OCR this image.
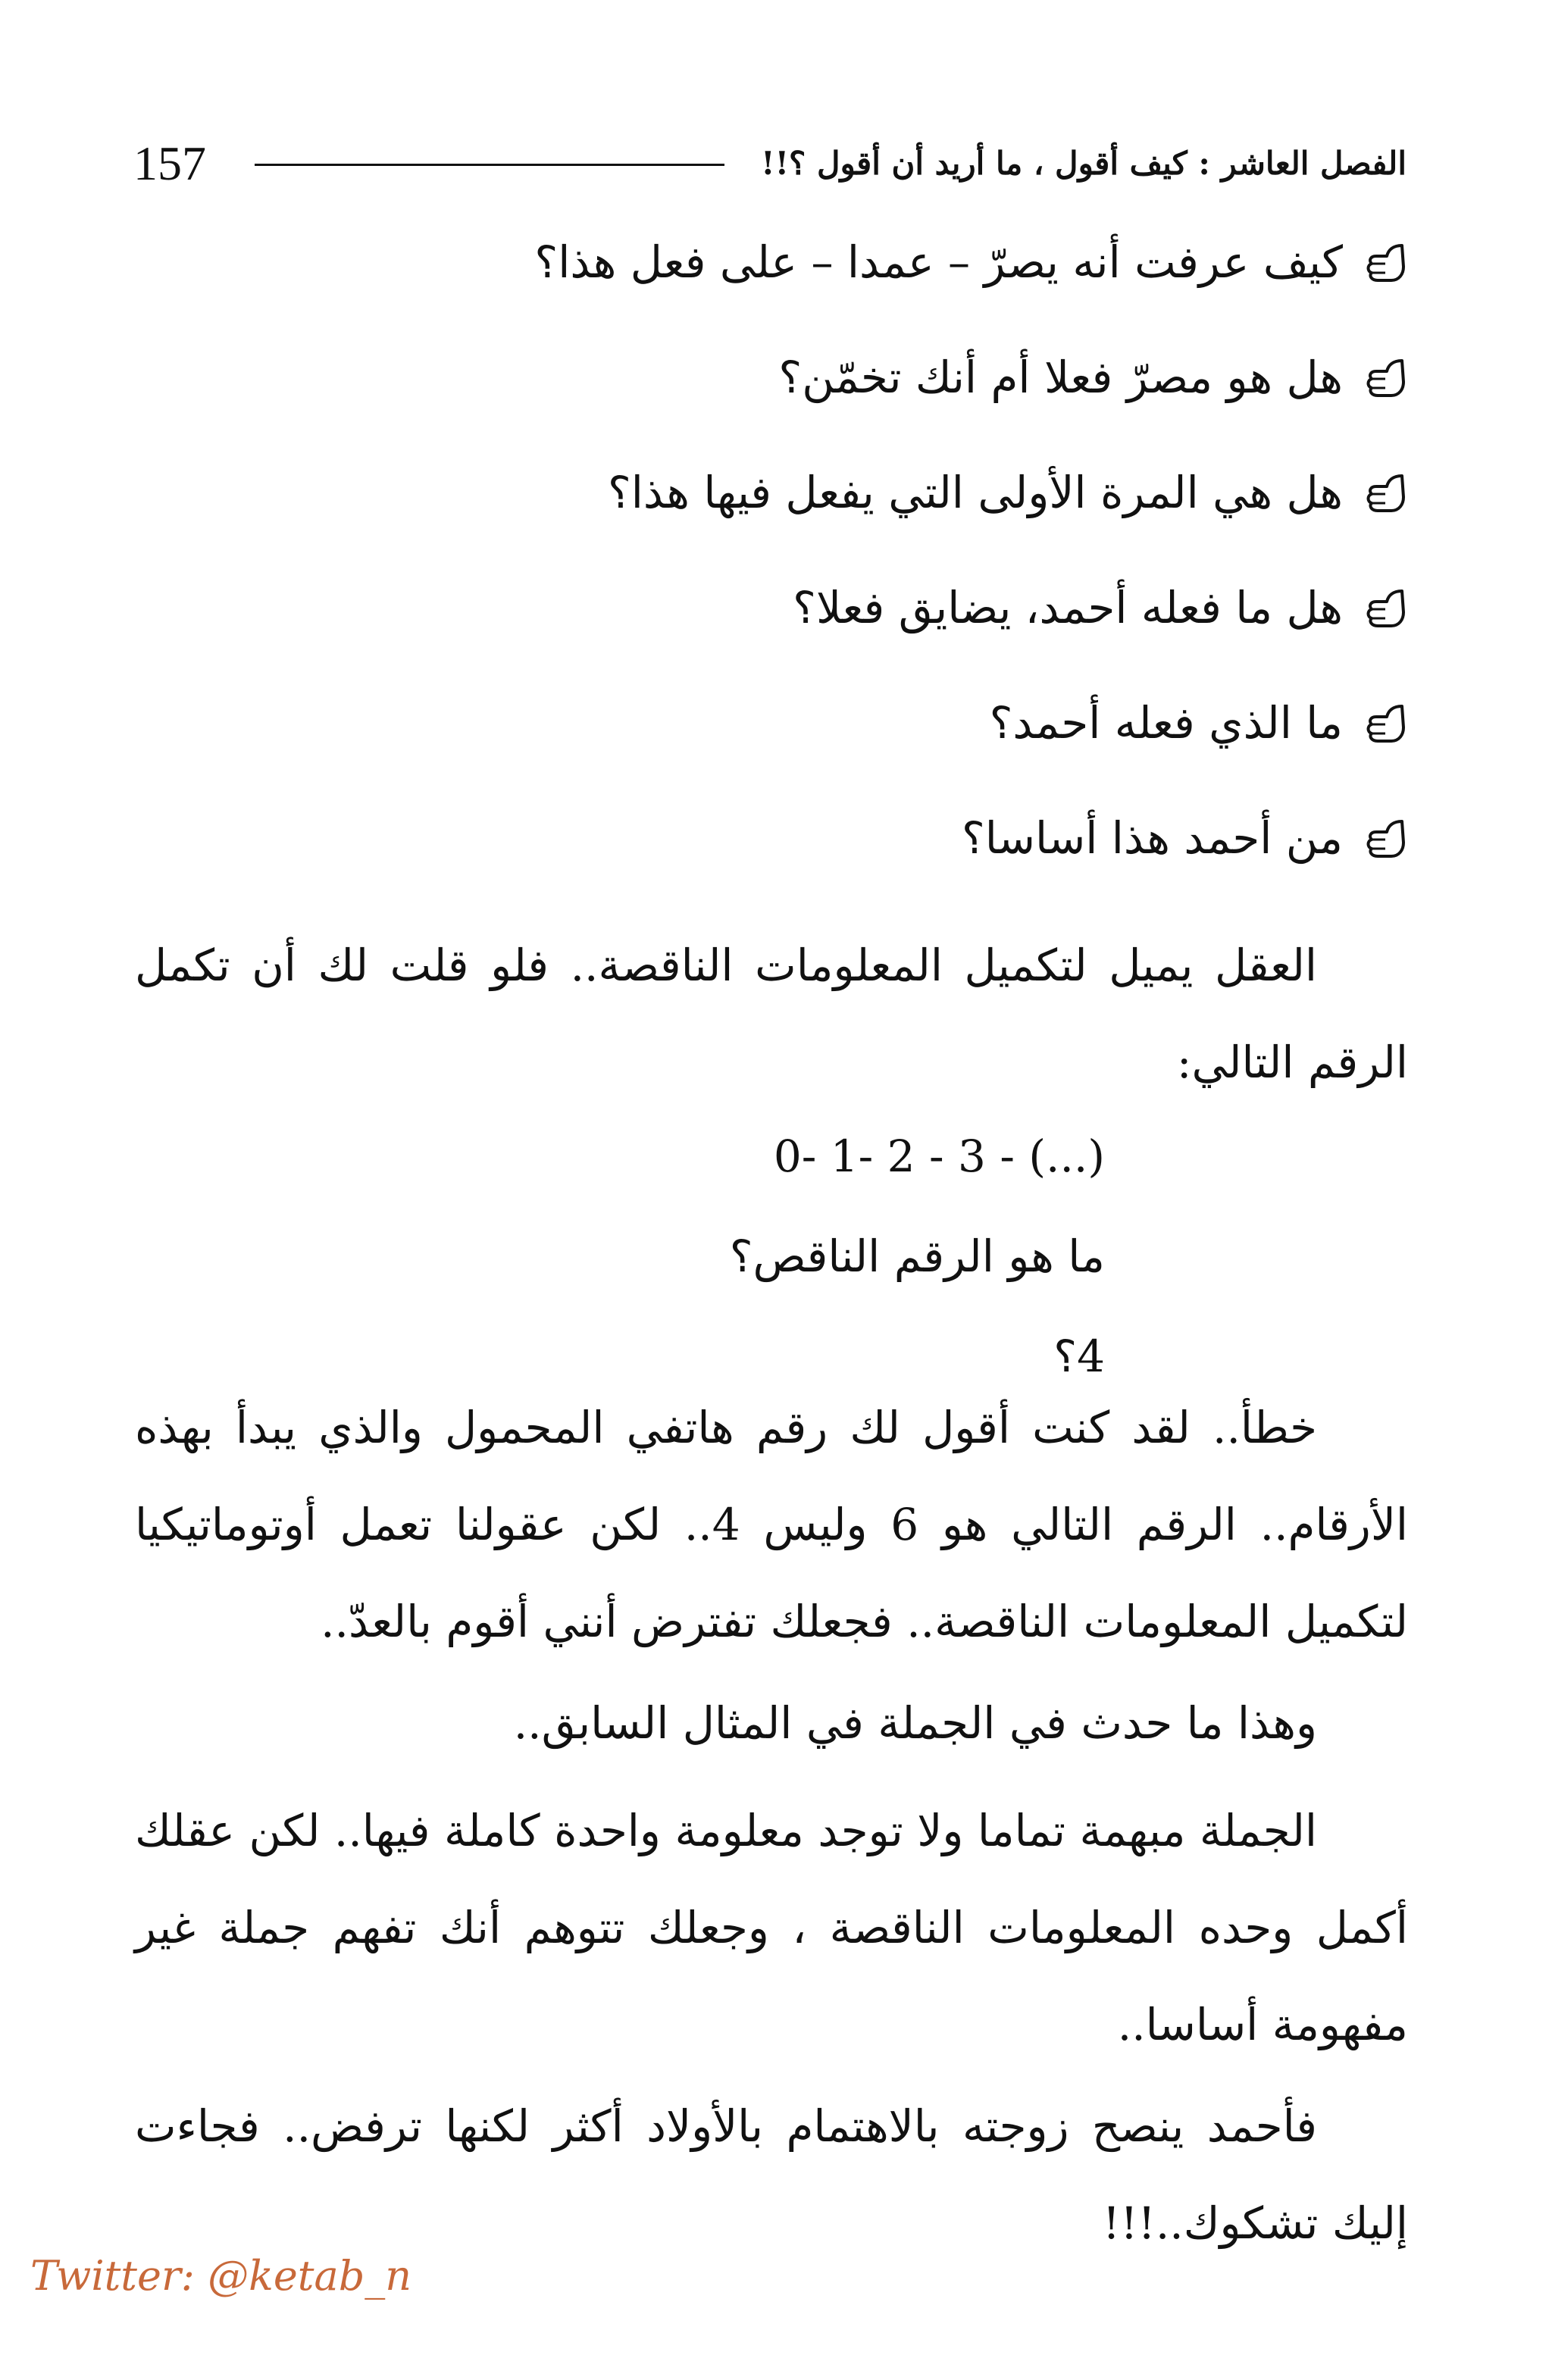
157	الفصل العاشر : كيف أقول ، ما أريد أن أقول ؟!!
كيف عرفت أنه يصرّ – عمدا – على فعل هذا؟
هل هو مصرّ فعلا أم أنك تخمّن؟
هل هي المرة الأولى التي يفعل فيها هذا؟
هل ما فعله أحمد، يضايق فعلا؟
ما الذي فعله أحمد؟
من أحمد هذا أساسا؟

العقل يميل لتكميل المعلومات الناقصة.. فلو قلت لك أن تكمل الرقم التالي:

0- 1- 2 - 3 - (...)
ما هو الرقم الناقص؟
4؟

خطأ.. لقد كنت أقول لك رقم هاتفي المحمول والذي يبدأ بهذه الأرقام.. الرقم التالي هو 6 وليس 4.. لكن عقولنا تعمل أوتوماتيكيا لتكميل المعلومات الناقصة.. فجعلك تفترض أنني أقوم بالعدّ..

وهذا ما حدث في الجملة في المثال السابق..

الجملة مبهمة تماما ولا توجد معلومة واحدة كاملة فيها.. لكن عقلك أكمل وحده المعلومات الناقصة ، وجعلك تتوهم أنك تفهم جملة غير مفهومة أساسا..

فأحمد ينصح زوجته بالاهتمام بالأولاد أكثر لكنها ترفض.. فجاءت إليك تشكوك..!!!

Twitter: @ketab_n
